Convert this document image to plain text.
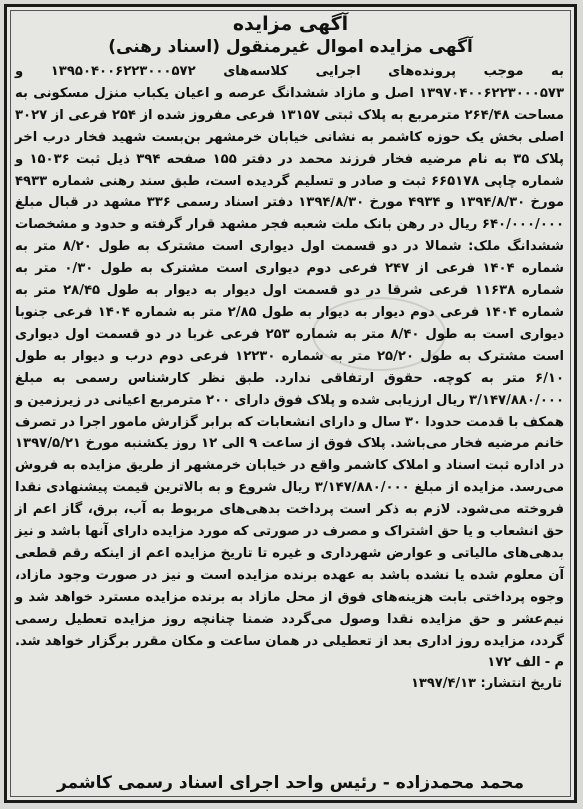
آگهی مزایده
آگهی مزایده اموال غیرمنقول (اسناد رهنی)
به موجب پرونده‌های اجرایی کلاسه‌های ۱۳۹۵۰۴۰۰۶۲۲۳۰۰۰۵۷۲ و ۱۳۹۷۰۴۰۰۶۲۲۳۰۰۰۵۷۳ اصل و مازاد ششدانگ عرصه و اعیان یکباب منزل مسکونی به مساحت ۲۶۴/۴۸ مترمربع به پلاک ثبتی ۱۳۱۵۷ فرعی مفروز شده از ۲۵۴ فرعی از ۳۰۲۷ اصلی بخش یک حوزه کاشمر به نشانی خیابان خرمشهر بن‌بست شهید فخار درب اخر پلاک ۳۵ به نام مرضیه فخار فرزند محمد در دفتر ۱۵۵ صفحه ۳۹۴ ذیل ثبت ۱۵۰۳۶ و شماره چاپی ۶۶۵۱۷۸ ثبت و صادر و تسلیم گردیده است، طبق سند رهنی شماره ۴۹۳۳ مورخ ۱۳۹۴/۸/۳۰ و ۴۹۳۴ مورخ ۱۳۹۴/۸/۳۰ دفتر اسناد رسمی ۳۳۶ مشهد در قبال مبلغ ۶۴۰/۰۰۰/۰۰۰ ریال در رهن بانک ملت شعبه فجر مشهد قرار گرفته و حدود و مشخصات ششدانگ ملک: شمالا در دو قسمت اول دیواری است مشترک به طول ۸/۲۰ متر به شماره ۱۴۰۴ فرعی از ۲۴۷ فرعی دوم دیواری است مشترک به طول ۰/۳۰ متر به شماره ۱۱۶۳۸ فرعی شرقا در دو قسمت اول دیوار به دیوار به طول ۲۸/۴۵ متر به شماره ۱۴۰۴ فرعی دوم دیوار به دیوار به طول ۲/۸۵ متر به شماره ۱۴۰۴ فرعی جنوبا دیواری است به طول ۸/۴۰ متر به شماره ۲۵۳ فرعی غربا در دو قسمت اول دیواری است مشترک به طول ۲۵/۲۰ متر به شماره ۱۲۲۳۰ فرعی دوم درب و دیوار به طول ۶/۱۰ متر به کوچه. حقوق ارتفاقی ندارد. طبق نظر کارشناس رسمی به مبلغ ۳/۱۴۷/۸۸۰/۰۰۰ ریال ارزیابی شده و پلاک فوق دارای ۲۰۰ مترمربع اعیانی در زیرزمین و همکف با قدمت حدودا ۳۰ سال و دارای انشعابات که برابر گزارش مامور اجرا در تصرف خانم مرضیه فخار می‌باشد. پلاک فوق از ساعت ۹ الی ۱۲ روز یکشنبه مورخ ۱۳۹۷/۵/۲۱ در اداره ثبت اسناد و املاک کاشمر واقع در خیابان خرمشهر از طریق مزایده به فروش می‌رسد. مزایده از مبلغ ۳/۱۴۷/۸۸۰/۰۰۰ ریال شروع و به بالاترین قیمت پیشنهادی نقدا فروخته می‌شود. لازم به ذکر است پرداخت بدهی‌های مربوط به آب، برق، گاز اعم از حق انشعاب و یا حق اشتراک و مصرف در صورتی که مورد مزایده دارای آنها باشد و نیز بدهی‌های مالیاتی و عوارض شهرداری و غیره تا تاریخ مزایده اعم از اینکه رقم قطعی آن معلوم شده یا نشده باشد به عهده برنده مزایده است و نیز در صورت وجود مازاد، وجوه پرداختی بابت هزینه‌های فوق از محل مازاد به برنده مزایده مسترد خواهد شد و نیم‌عشر و حق مزایده نقدا وصول می‌گردد ضمنا چنانچه روز مزایده تعطیل رسمی گردد، مزایده روز اداری بعد از تعطیلی در همان ساعت و مکان مقرر برگزار خواهد شد. م - الف ۱۷۲
تاریخ انتشار: ۱۳۹۷/۴/۱۳
محمد محمدزاده - رئیس واحد اجرای اسناد رسمی کاشمر
